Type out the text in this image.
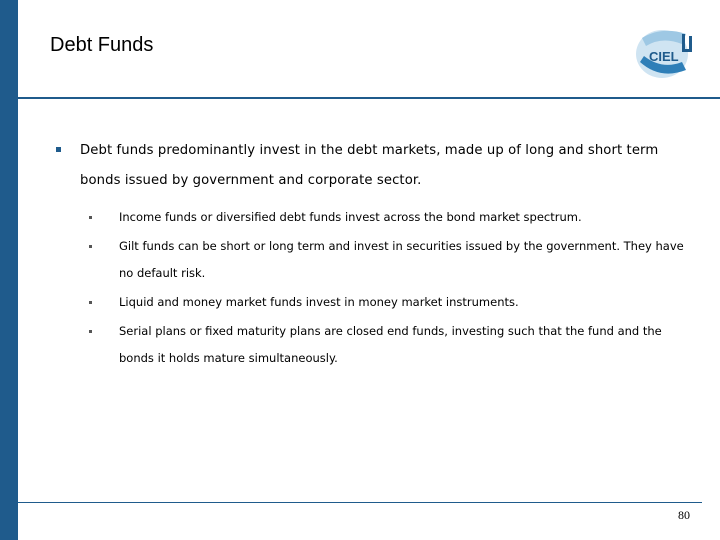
Debt Funds
CIEL
Debt funds predominantly invest in the debt markets, made up of long and short term bonds issued by government and corporate sector.
Income funds or diversified debt funds invest across the bond market spectrum.
Gilt funds can be short or long term and invest in securities issued by the government. They have no default risk.
Liquid and money market funds invest in money market instruments.
Serial plans or fixed maturity plans are closed end funds, investing such that the fund and the bonds it holds mature simultaneously.
80
